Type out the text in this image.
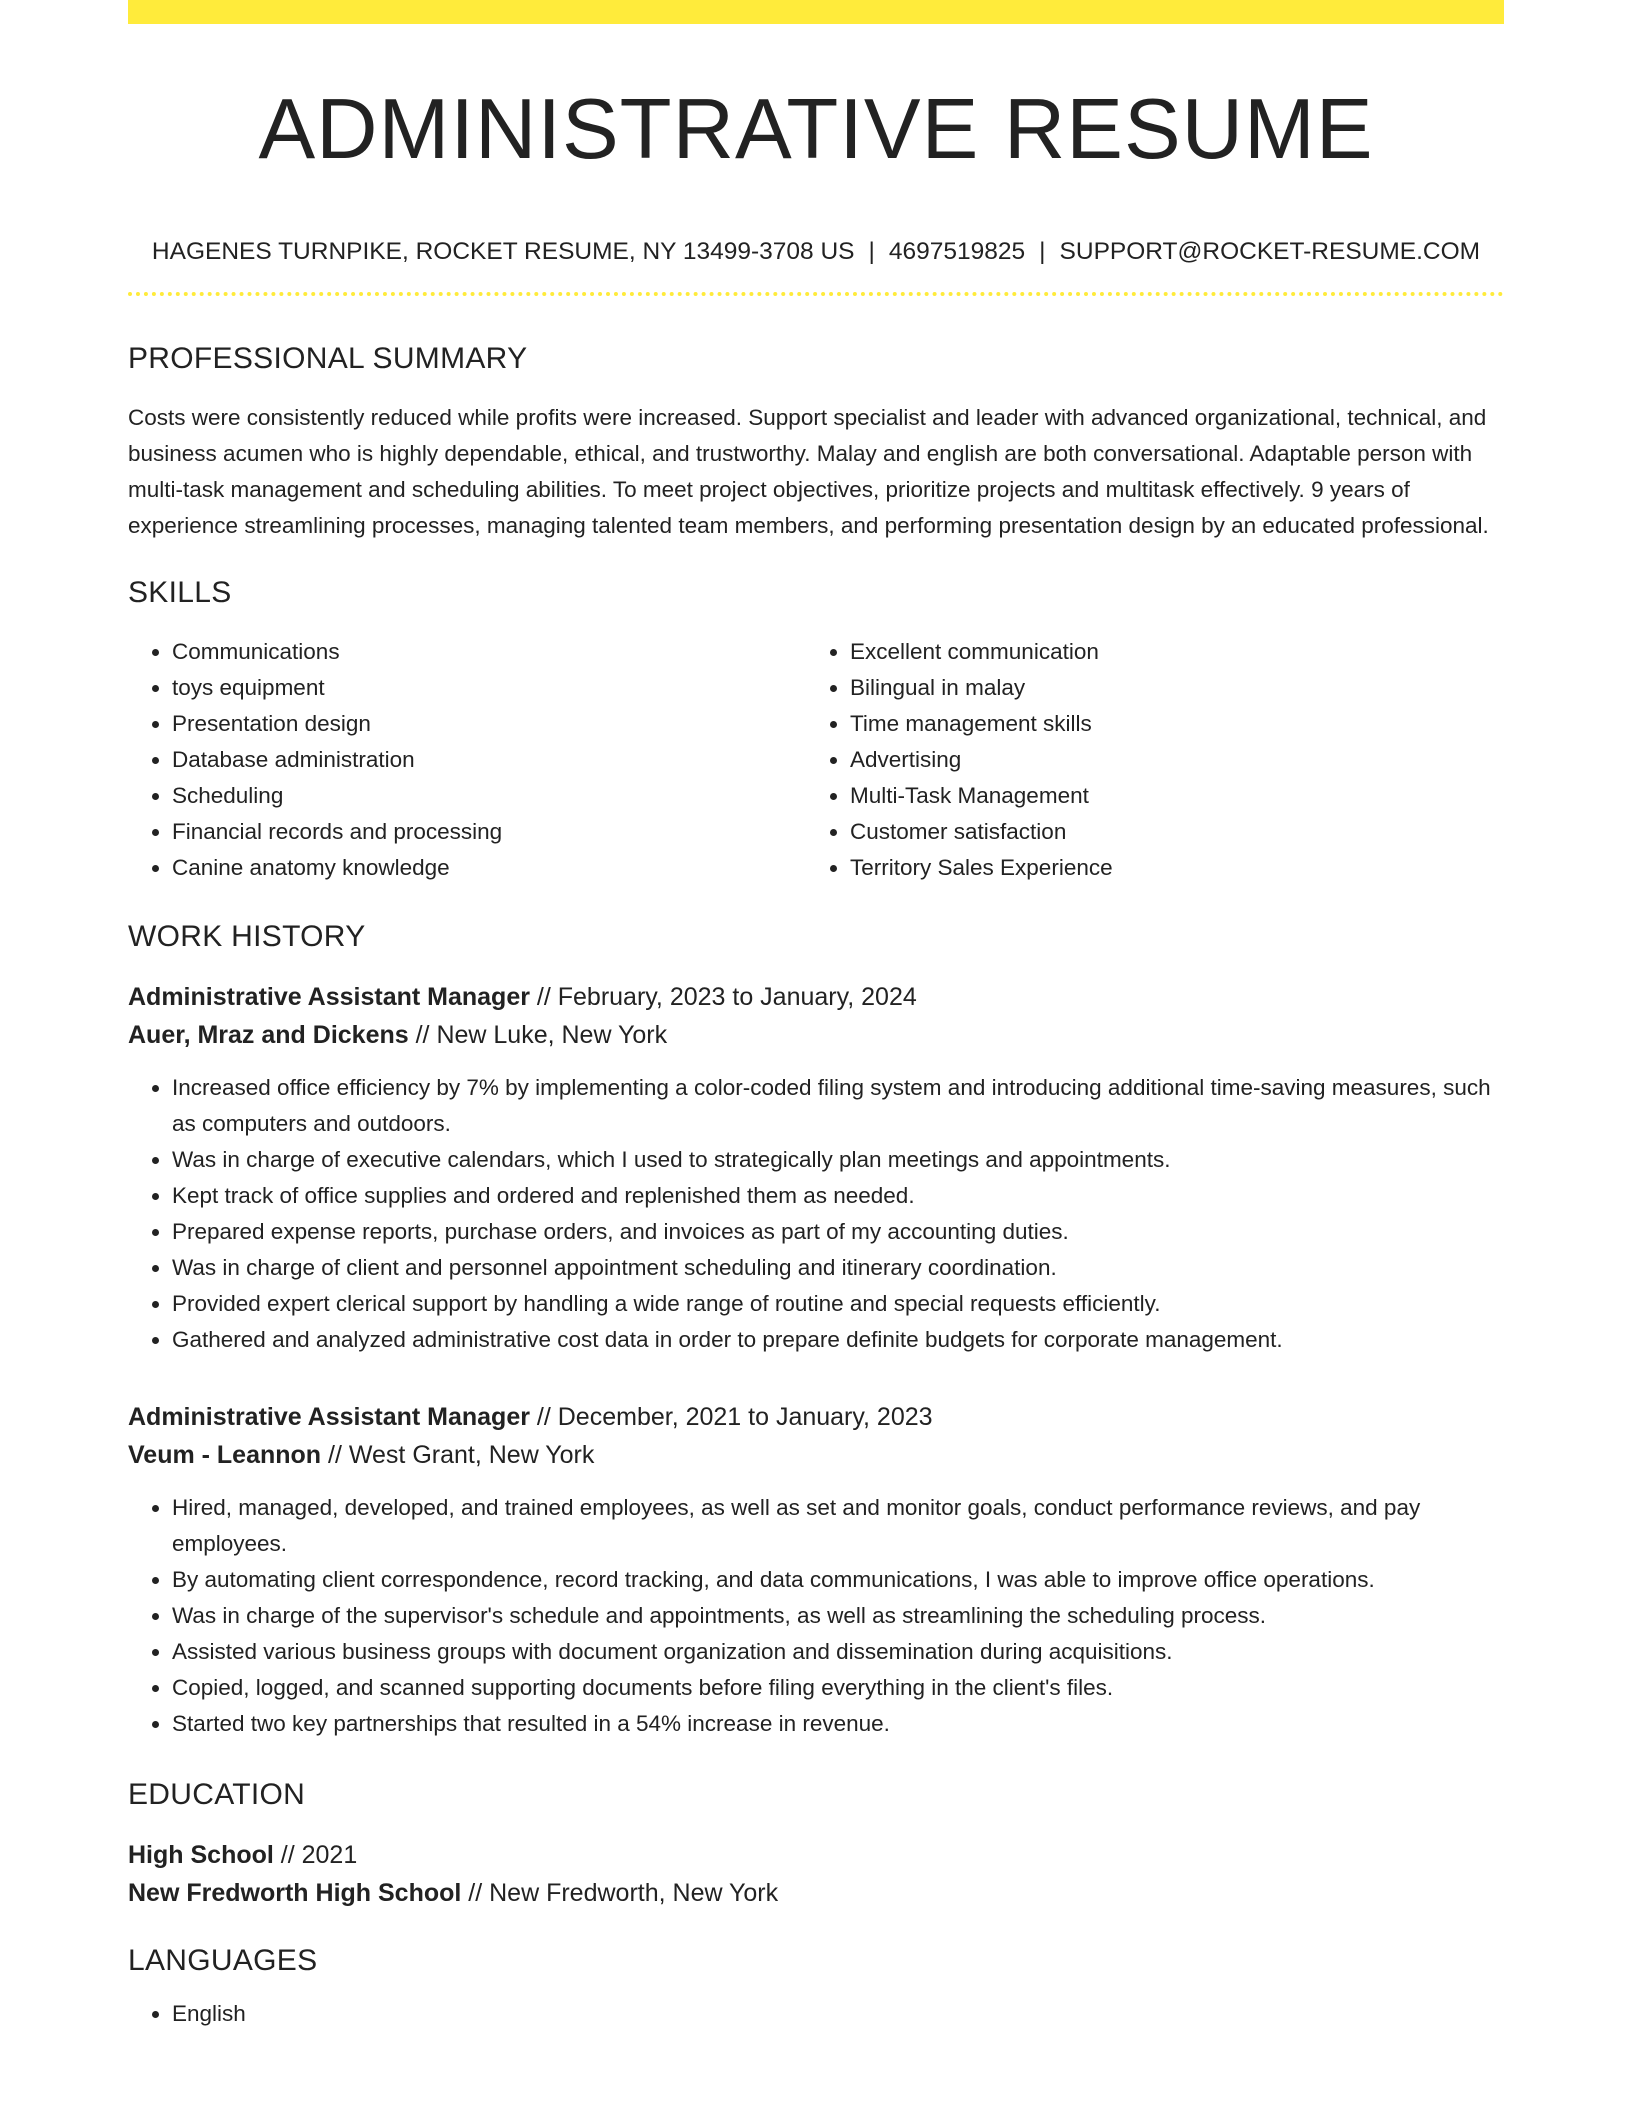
ADMINISTRATIVE RESUME
HAGENES TURNPIKE, ROCKET RESUME, NY 13499-3708 US | 4697519825 | SUPPORT@ROCKET-RESUME.COM
PROFESSIONAL SUMMARY

Costs were consistently reduced while profits were increased. Support specialist and leader with advanced organizational, technical, and business acumen who is highly dependable, ethical, and trustworthy. Malay and english are both conversational. Adaptable person with multi-task management and scheduling abilities. To meet project objectives, prioritize projects and multitask effectively. 9 years of experience streamlining processes, managing talented team members, and performing presentation design by an educated professional.

SKILLS
• Communications
• toys equipment
• Presentation design
• Database administration
• Scheduling
• Financial records and processing
• Canine anatomy knowledge
• Excellent communication
• Bilingual in malay
• Time management skills
• Advertising
• Multi-Task Management
• Customer satisfaction
• Territory Sales Experience
WORK HISTORY
Administrative Assistant Manager // February, 2023 to January, 2024
Auer, Mraz and Dickens // New Luke, New York
• Increased office efficiency by 7% by implementing a color-coded filing system and introducing additional time-saving measures, such as computers and outdoors.
• Was in charge of executive calendars, which I used to strategically plan meetings and appointments.
• Kept track of office supplies and ordered and replenished them as needed.
• Prepared expense reports, purchase orders, and invoices as part of my accounting duties.
• Was in charge of client and personnel appointment scheduling and itinerary coordination.
• Provided expert clerical support by handling a wide range of routine and special requests efficiently.
• Gathered and analyzed administrative cost data in order to prepare definite budgets for corporate management.
Administrative Assistant Manager // December, 2021 to January, 2023
Veum - Leannon // West Grant, New York
• Hired, managed, developed, and trained employees, as well as set and monitor goals, conduct performance reviews, and pay employees.
• By automating client correspondence, record tracking, and data communications, I was able to improve office operations.
• Was in charge of the supervisor's schedule and appointments, as well as streamlining the scheduling process.
• Assisted various business groups with document organization and dissemination during acquisitions.
• Copied, logged, and scanned supporting documents before filing everything in the client's files.
• Started two key partnerships that resulted in a 54% increase in revenue.
EDUCATION
High School // 2021
New Fredworth High School // New Fredworth, New York
LANGUAGES
• English
